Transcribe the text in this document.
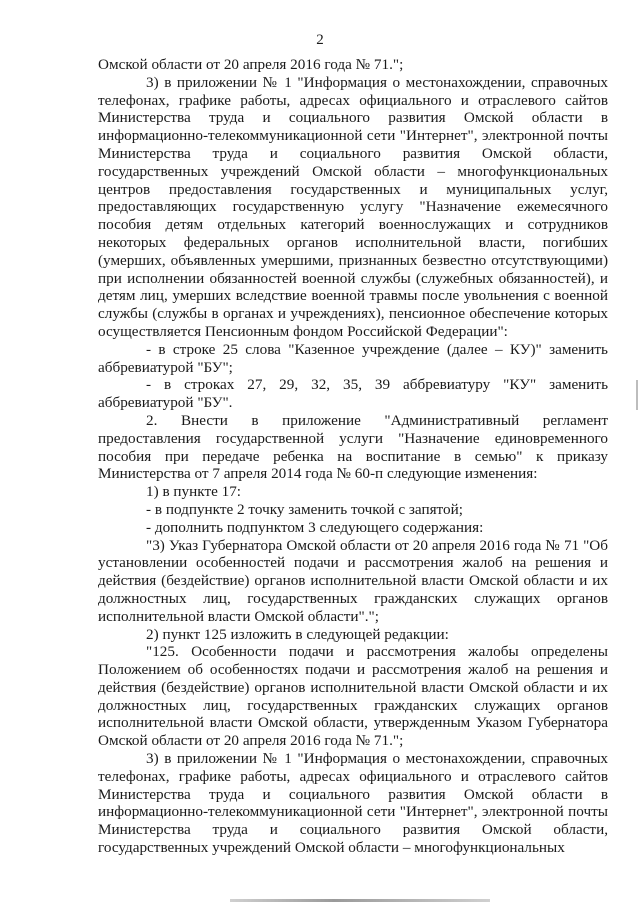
2

Омской области от 20 апреля 2016 года № 71.";

3) в приложении № 1 "Информация о местонахождении, справочных телефонах, графике работы, адресах официального и отраслевого сайтов Министерства труда и социального развития Омской области в информационно-телекоммуникационной сети "Интернет", электронной почты Министерства труда и социального развития Омской области, государственных учреждений Омской области – многофункциональных центров предоставления государственных и муниципальных услуг, предоставляющих государственную услугу "Назначение ежемесячного пособия детям отдельных категорий военнослужащих и сотрудников некоторых федеральных органов исполнительной власти, погибших (умерших, объявленных умершими, признанных безвестно отсутствующими) при исполнении обязанностей военной службы (служебных обязанностей), и детям лиц, умерших вследствие военной травмы после увольнения с военной службы (службы в органах и учреждениях), пенсионное обеспечение которых осуществляется Пенсионным фондом Российской Федерации":

- в строке 25 слова "Казенное учреждение (далее – КУ)" заменить аббревиатурой "БУ";

- в строках 27, 29, 32, 35, 39 аббревиатуру "КУ" заменить аббревиатурой "БУ".

2. Внести в приложение "Административный регламент предоставления государственной услуги "Назначение единовременного пособия при передаче ребенка на воспитание в семью" к приказу Министерства от 7 апреля 2014 года № 60-п следующие изменения:

1) в пункте 17:

- в подпункте 2 точку заменить точкой с запятой;

- дополнить подпунктом 3 следующего содержания:

"3) Указ Губернатора Омской области от 20 апреля 2016 года № 71 "Об установлении особенностей подачи и рассмотрения жалоб на решения и действия (бездействие) органов исполнительной власти Омской области и их должностных лиц, государственных гражданских служащих органов исполнительной власти Омской области".";

2) пункт 125 изложить в следующей редакции:

"125. Особенности подачи и рассмотрения жалобы определены Положением об особенностях подачи и рассмотрения жалоб на решения и действия (бездействие) органов исполнительной власти Омской области и их должностных лиц, государственных гражданских служащих органов исполнительной власти Омской области, утвержденным Указом Губернатора Омской области от 20 апреля 2016 года № 71.";

3) в приложении № 1 "Информация о местонахождении, справочных телефонах, графике работы, адресах официального и отраслевого сайтов Министерства труда и социального развития Омской области в информационно-телекоммуникационной сети "Интернет", электронной почты Министерства труда и социального развития Омской области, государственных учреждений Омской области – многофункциональных
